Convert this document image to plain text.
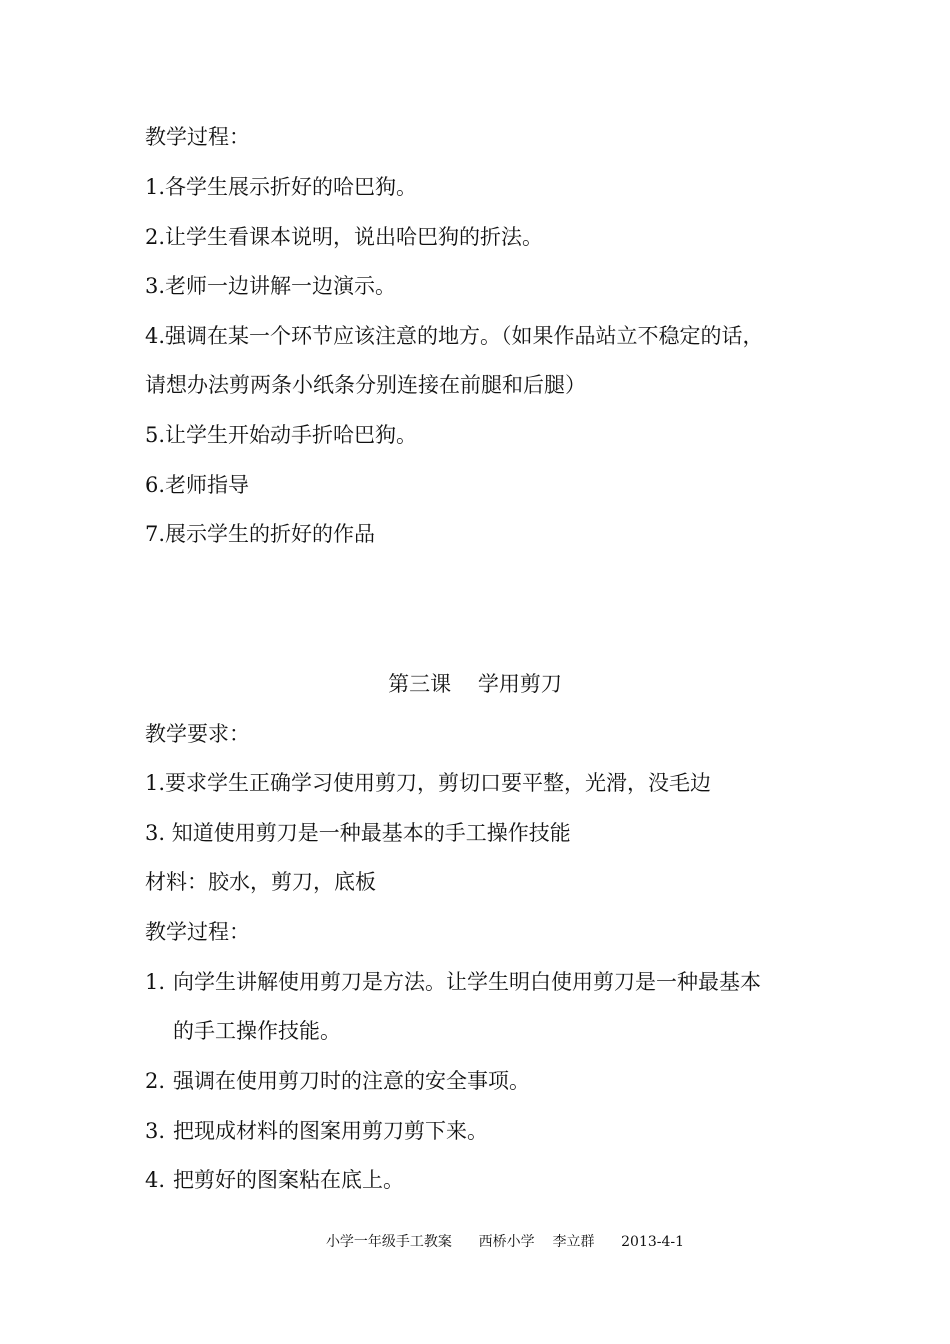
教学过程：
1.各学生展示折好的哈巴狗。
2.让学生看课本说明，说出哈巴狗的折法。
3.老师一边讲解一边演示。
4.强调在某一个环节应该注意的地方。（如果作品站立不稳定的话，
请想办法剪两条小纸条分别连接在前腿和后腿）
5.让学生开始动手折哈巴狗。
6.老师指导
7.展示学生的折好的作品
第三课    学用剪刀
教学要求：
1.要求学生正确学习使用剪刀，剪切口要平整，光滑，没毛边
3. 知道使用剪刀是一种最基本的手工操作技能
材料：胶水，剪刀，底板
教学过程：
1. 向学生讲解使用剪刀是方法。让学生明白使用剪刀是一种最基本
的手工操作技能。
2. 强调在使用剪刀时的注意的安全事项。
3. 把现成材料的图案用剪刀剪下来。
4. 把剪好的图案粘在底上。
小学一年级手工教案      西桥小学    李立群      2013-4-1
